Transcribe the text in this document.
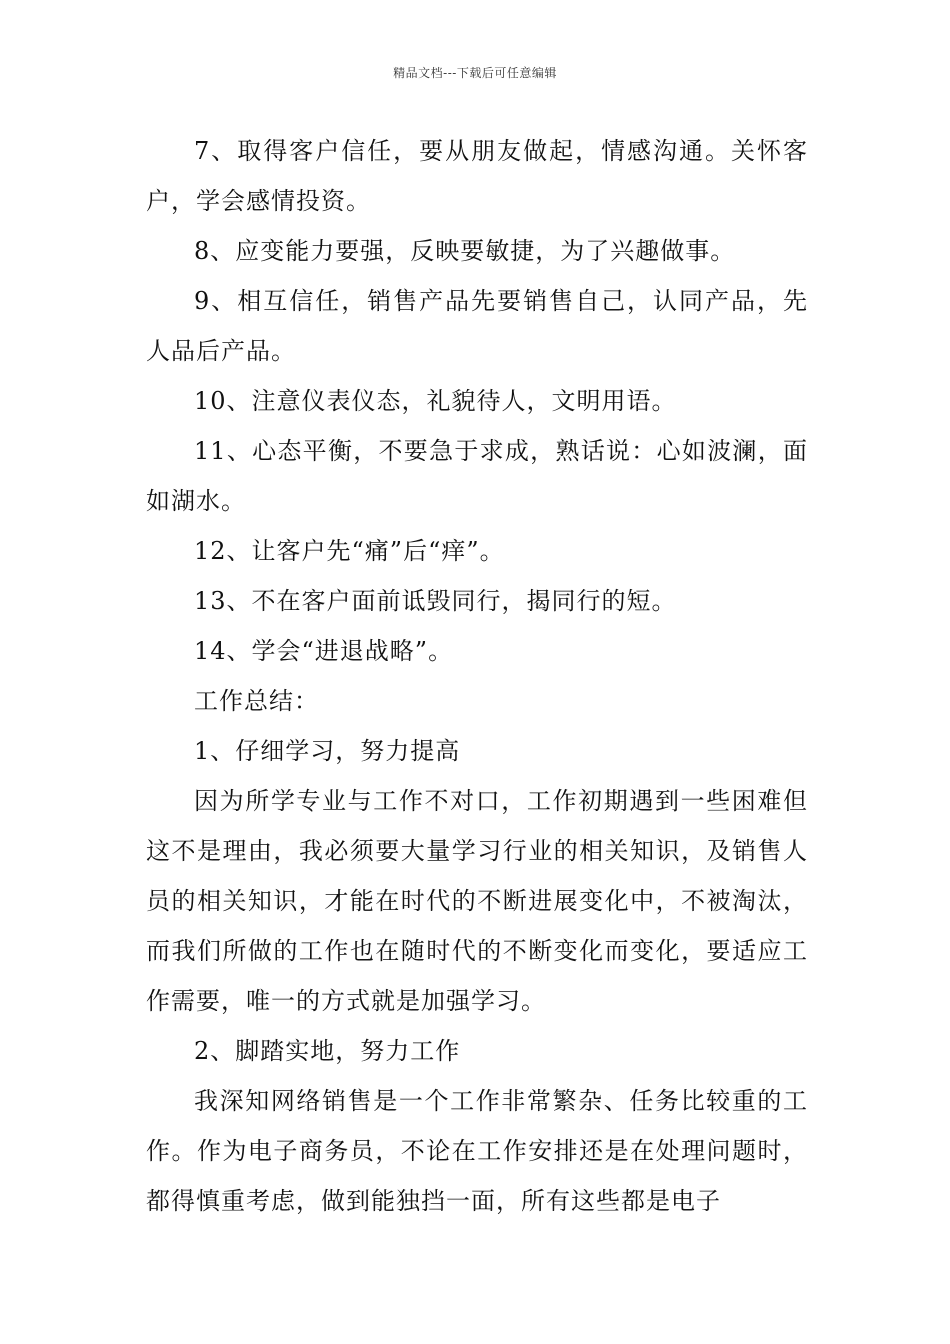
精品文档---下载后可任意编辑

7、取得客户信任，要从朋友做起，情感沟通。关怀客户，学会感情投资。

8、应变能力要强，反映要敏捷，为了兴趣做事。

9、相互信任，销售产品先要销售自己，认同产品，先人品后产品。

10、注意仪表仪态，礼貌待人，文明用语。

11、心态平衡，不要急于求成，熟话说：心如波澜，面如湖水。

12、让客户先“痛”后“痒”。

13、不在客户面前诋毁同行，揭同行的短。

14、学会“进退战略”。

工作总结：

1、仔细学习，努力提高

因为所学专业与工作不对口，工作初期遇到一些困难但这不是理由，我必须要大量学习行业的相关知识，及销售人员的相关知识，才能在时代的不断进展变化中，不被淘汰，而我们所做的工作也在随时代的不断变化而变化，要适应工作需要，唯一的方式就是加强学习。

2、脚踏实地，努力工作

我深知网络销售是一个工作非常繁杂、任务比较重的工作。作为电子商务员，不论在工作安排还是在处理问题时，都得慎重考虑，做到能独挡一面，所有这些都是电子
